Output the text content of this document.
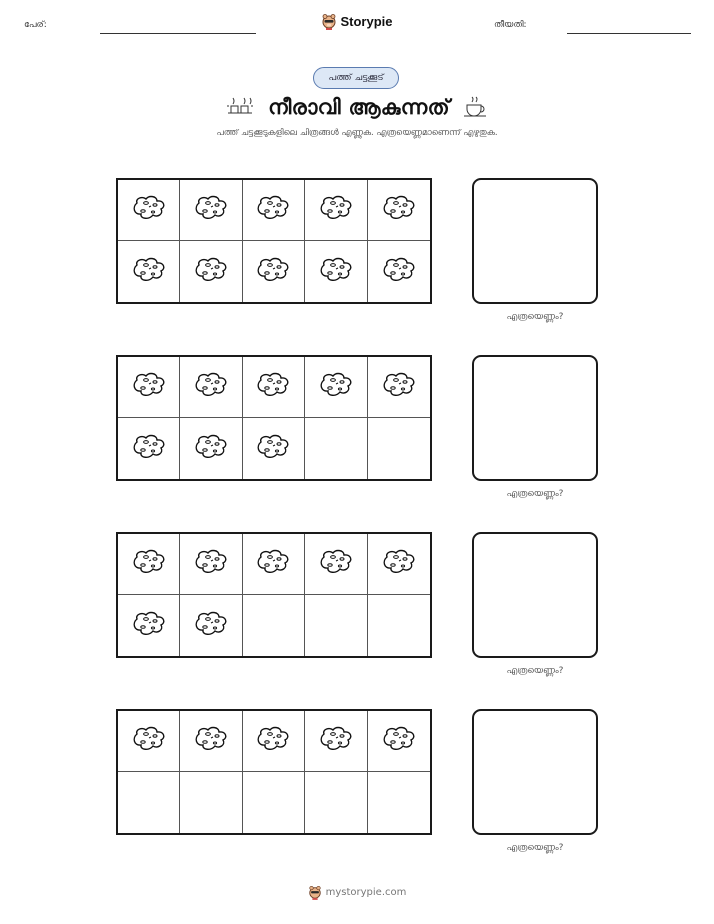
പേര്:	Storypie	തീയതി:
പത്ത് ചട്ടക്കൂട്
നീരാവി ആകുന്നത്
പത്ത് ചട്ടക്കൂടുകളിലെ ചിത്രങ്ങൾ എണ്ണുക. എത്രയെണ്ണമാണെന്ന് എഴുതുക.
എത്രയെണ്ണം?
എത്രയെണ്ണം?
എത്രയെണ്ണം?
എത്രയെണ്ണം?
mystorypie.com
